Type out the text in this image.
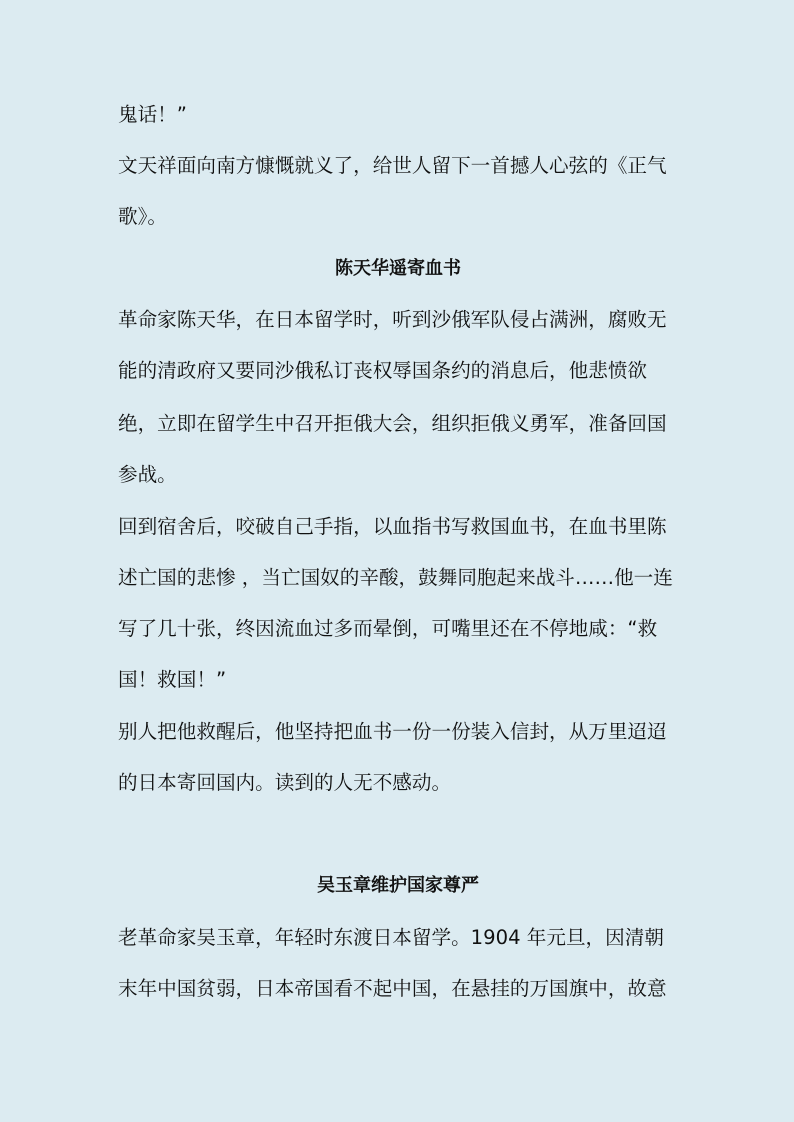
鬼话！”
文天祥面向南方慷慨就义了，给世人留下一首撼人心弦的《正气
歌》。
陈天华遥寄血书
革命家陈天华，在日本留学时，听到沙俄军队侵占满洲，腐败无
能的清政府又要同沙俄私订丧权辱国条约的消息后，他悲愤欲
绝，立即在留学生中召开拒俄大会，组织拒俄义勇军，准备回国
参战。
回到宿舍后，咬破自己手指，以血指书写救国血书，在血书里陈
述亡国的悲惨 ，当亡国奴的辛酸，鼓舞同胞起来战斗……他一连
写了几十张，终因流血过多而晕倒，可嘴里还在不停地咸：“救
国！救国！”
别人把他救醒后，他坚持把血书一份一份装入信封，从万里迢迢
的日本寄回国内。读到的人无不感动。
吴玉章维护国家尊严
老革命家吴玉章，年轻时东渡日本留学。1904 年元旦，因清朝
末年中国贫弱，日本帝国看不起中国，在悬挂的万国旗中，故意
